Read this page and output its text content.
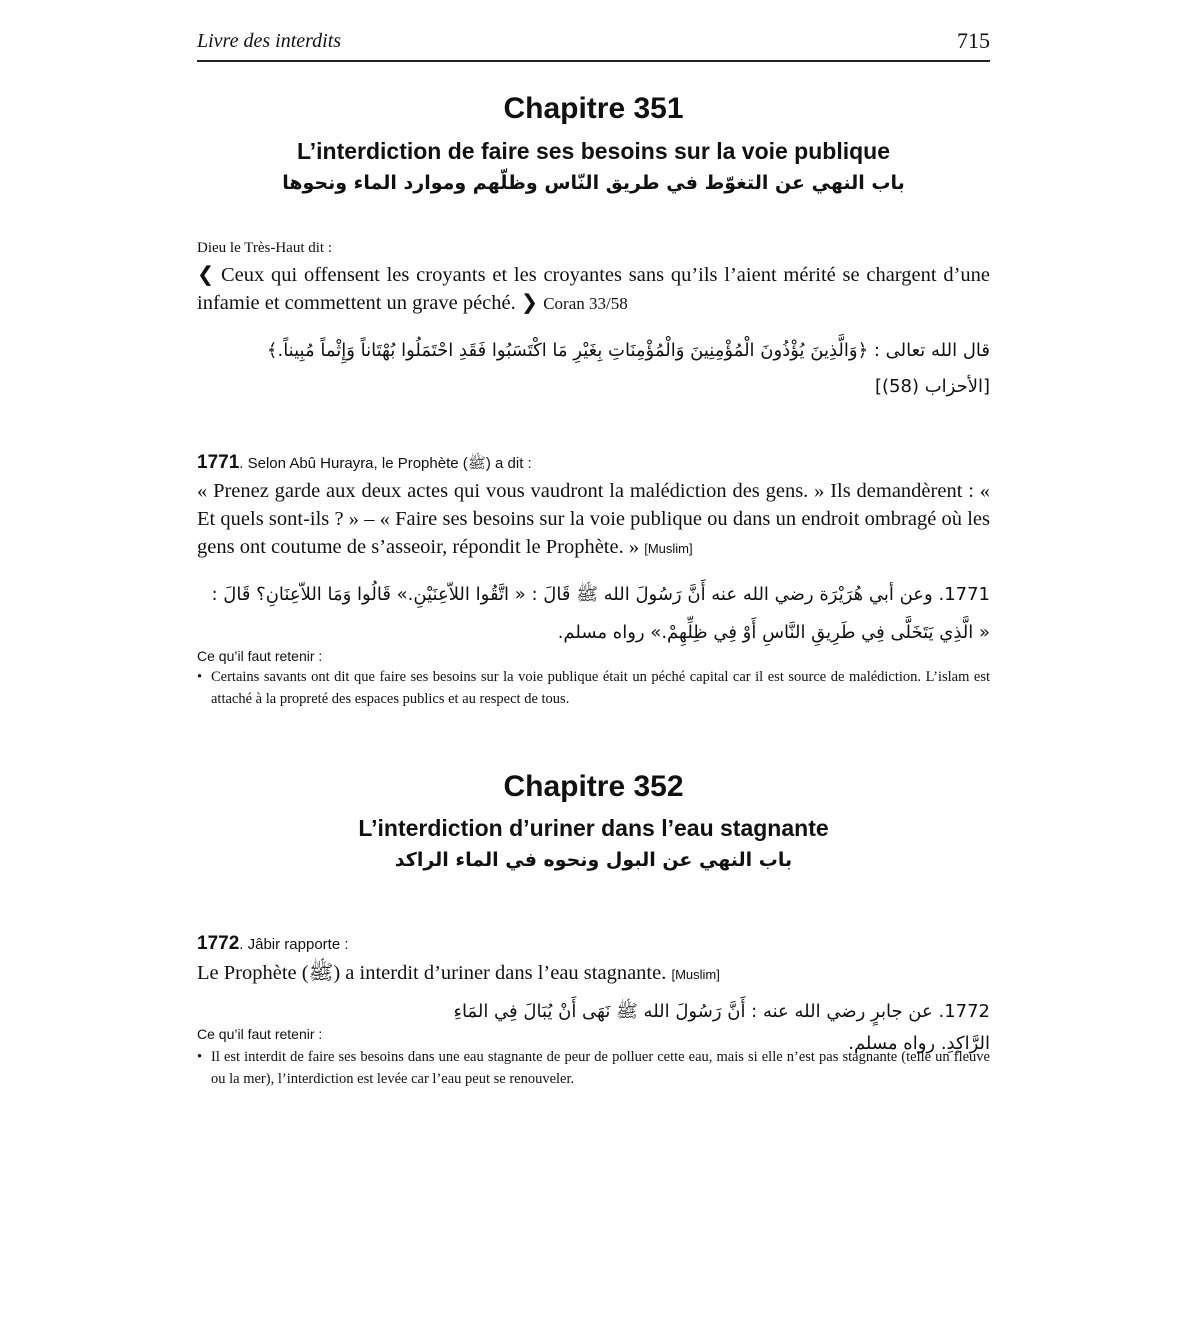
Livre des interdits	715
Chapitre 351
L’interdiction de faire ses besoins sur la voie publique
باب النهي عن التغوّط في طريق النّاس وظلّهم وموارد الماء ونحوها
Dieu le Très-Haut dit :
❮ Ceux qui offensent les croyants et les croyantes sans qu’ils l’aient mérité se chargent d’une infamie et commettent un grave péché. ❯ Coran 33/58
قال الله تعالى : ﴿وَالَّذِينَ يُؤْذُونَ الْمُؤْمِنِينَ وَالْمُؤْمِنَاتِ بِغَيْرِ مَا اكْتَسَبُوا فَقَدِ احْتَمَلُوا بُهْتَاناً وَإِثْماً مُبِيناً.﴾
[الأحزاب (58)]
1771. Selon Abû Hurayra, le Prophète (ﷺ) a dit :
« Prenez garde aux deux actes qui vous vaudront la malédiction des gens. » Ils demandèrent : « Et quels sont-ils ? » – « Faire ses besoins sur la voie publique ou dans un endroit ombragé où les gens ont coutume de s’asseoir, répondit le Prophète. » [Muslim]
1771. وعن أبي هُرَيْرَة رضي الله عنه أَنَّ رَسُولَ الله ﷺ قَالَ : « اتَّقُوا اللاّعِنَيْنِ.» قَالُوا وَمَا اللاّعِنَانِ؟ قَالَ : « الَّذِي يَتَخَلَّى فِي طَرِيقِ النَّاسِ أَوْ فِي ظِلِّهِمْ.» رواه مسلم.
Ce qu’il faut retenir :
• Certains savants ont dit que faire ses besoins sur la voie publique était un péché capital car il est source de malédiction. L’islam est attaché à la propreté des espaces publics et au respect de tous.
Chapitre 352
L’interdiction d’uriner dans l’eau stagnante
باب النهي عن البول ونحوه في الماء الراكد
1772. Jâbir rapporte :
Le Prophète (ﷺ) a interdit d’uriner dans l’eau stagnante. [Muslim]
1772. عن جابرٍ رضي الله عنه : أَنَّ رَسُولَ الله ﷺ نَهَى أَنْ يُبَالَ فِي المَاءِ الرَّاكِدِ. رواه مسلم.
Ce qu’il faut retenir :
• Il est interdit de faire ses besoins dans une eau stagnante de peur de polluer cette eau, mais si elle n’est pas stagnante (telle un fleuve ou la mer), l’interdiction est levée car l’eau peut se renouveler.
